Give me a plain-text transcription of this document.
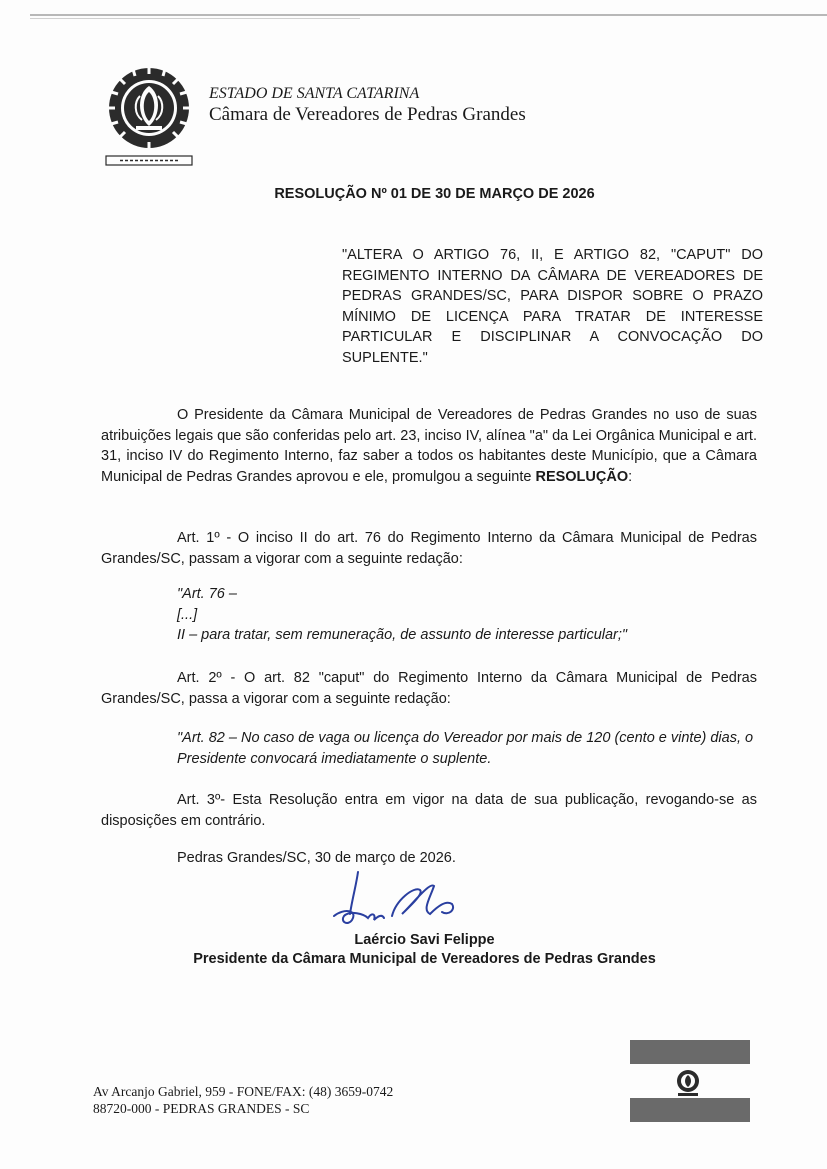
ESTADO DE SANTA CATARINA
Câmara de Vereadores de Pedras Grandes
RESOLUÇÃO Nº 01 DE 30 DE MARÇO DE 2026
"ALTERA O ARTIGO 76, II, E ARTIGO 82, "CAPUT" DO REGIMENTO INTERNO DA CÂMARA DE VEREADORES DE PEDRAS GRANDES/SC, PARA DISPOR SOBRE O PRAZO MÍNIMO DE LICENÇA PARA TRATAR DE INTERESSE PARTICULAR E DISCIPLINAR A CONVOCAÇÃO DO SUPLENTE."
O Presidente da Câmara Municipal de Vereadores de Pedras Grandes no uso de suas atribuições legais que são conferidas pelo art. 23, inciso IV, alínea "a" da Lei Orgânica Municipal e art. 31, inciso IV do Regimento Interno, faz saber a todos os habitantes deste Município, que a Câmara Municipal de Pedras Grandes aprovou e ele, promulgou a seguinte RESOLUÇÃO:
Art. 1º - O inciso II do art. 76 do Regimento Interno da Câmara Municipal de Pedras Grandes/SC, passam a vigorar com a seguinte redação:
"Art. 76 –
[...]
II – para tratar, sem remuneração, de assunto de interesse particular;"
Art. 2º - O art. 82 "caput" do Regimento Interno da Câmara Municipal de Pedras Grandes/SC, passa a vigorar com a seguinte redação:
"Art. 82 – No caso de vaga ou licença do Vereador por mais de 120 (cento e vinte) dias, o Presidente convocará imediatamente o suplente.
Art. 3º- Esta Resolução entra em vigor na data de sua publicação, revogando-se as disposições em contrário.
Pedras Grandes/SC, 30 de março de 2026.
Laércio Savi Felippe
Presidente da Câmara Municipal de Vereadores de Pedras Grandes
Av Arcanjo Gabriel, 959 - FONE/FAX: (48) 3659-0742
88720-000 - PEDRAS GRANDES - SC
